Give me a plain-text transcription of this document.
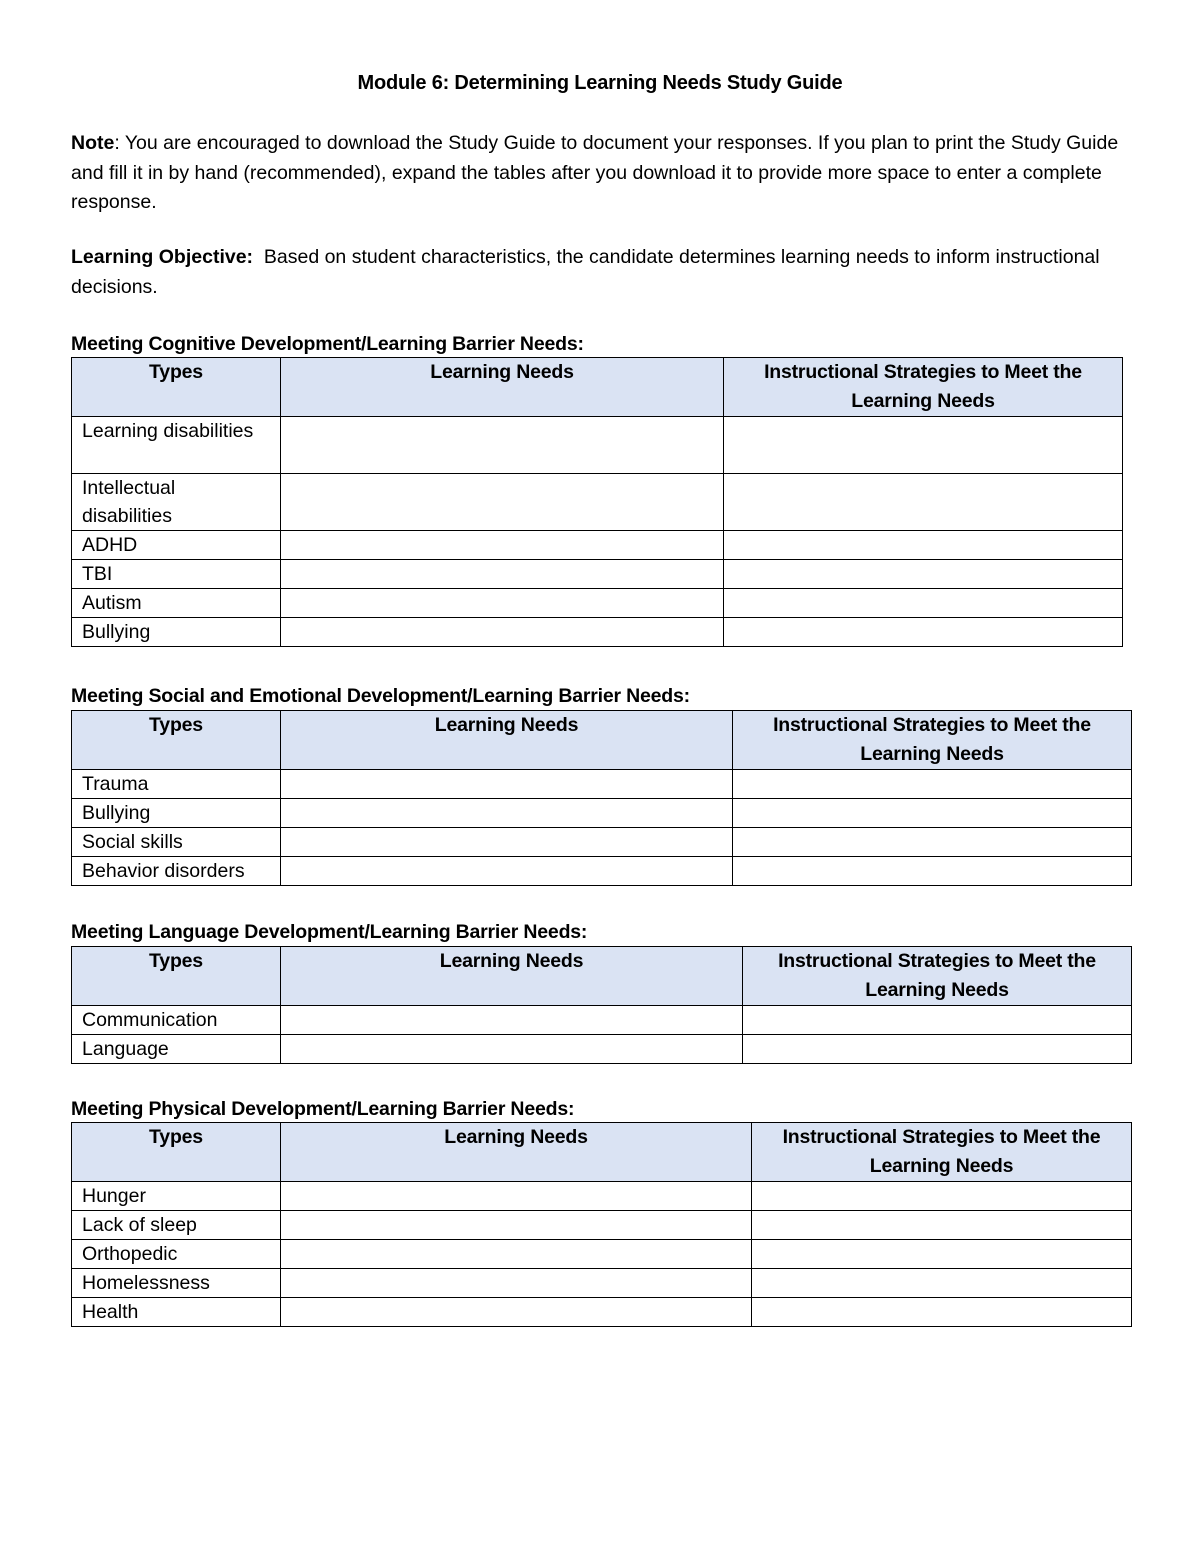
Module 6: Determining Learning Needs Study Guide
Note: You are encouraged to download the Study Guide to document your responses. If you plan to print the Study Guide and fill it in by hand (recommended), expand the tables after you download it to provide more space to enter a complete response.
Learning Objective:  Based on student characteristics, the candidate determines learning needs to inform instructional decisions.
Meeting Cognitive Development/Learning Barrier Needs:
Types	Learning Needs	Instructional Strategies to Meet the Learning Needs
Learning disabilities		
Intellectual disabilities		
ADHD		
TBI		
Autism		
Bullying		
Meeting Social and Emotional Development/Learning Barrier Needs:
Types	Learning Needs	Instructional Strategies to Meet the Learning Needs
Trauma		
Bullying		
Social skills		
Behavior disorders		
Meeting Language Development/Learning Barrier Needs:
Types	Learning Needs	Instructional Strategies to Meet the Learning Needs
Communication		
Language		
Meeting Physical Development/Learning Barrier Needs:
Types	Learning Needs	Instructional Strategies to Meet the Learning Needs
Hunger		
Lack of sleep		
Orthopedic		
Homelessness		
Health		
